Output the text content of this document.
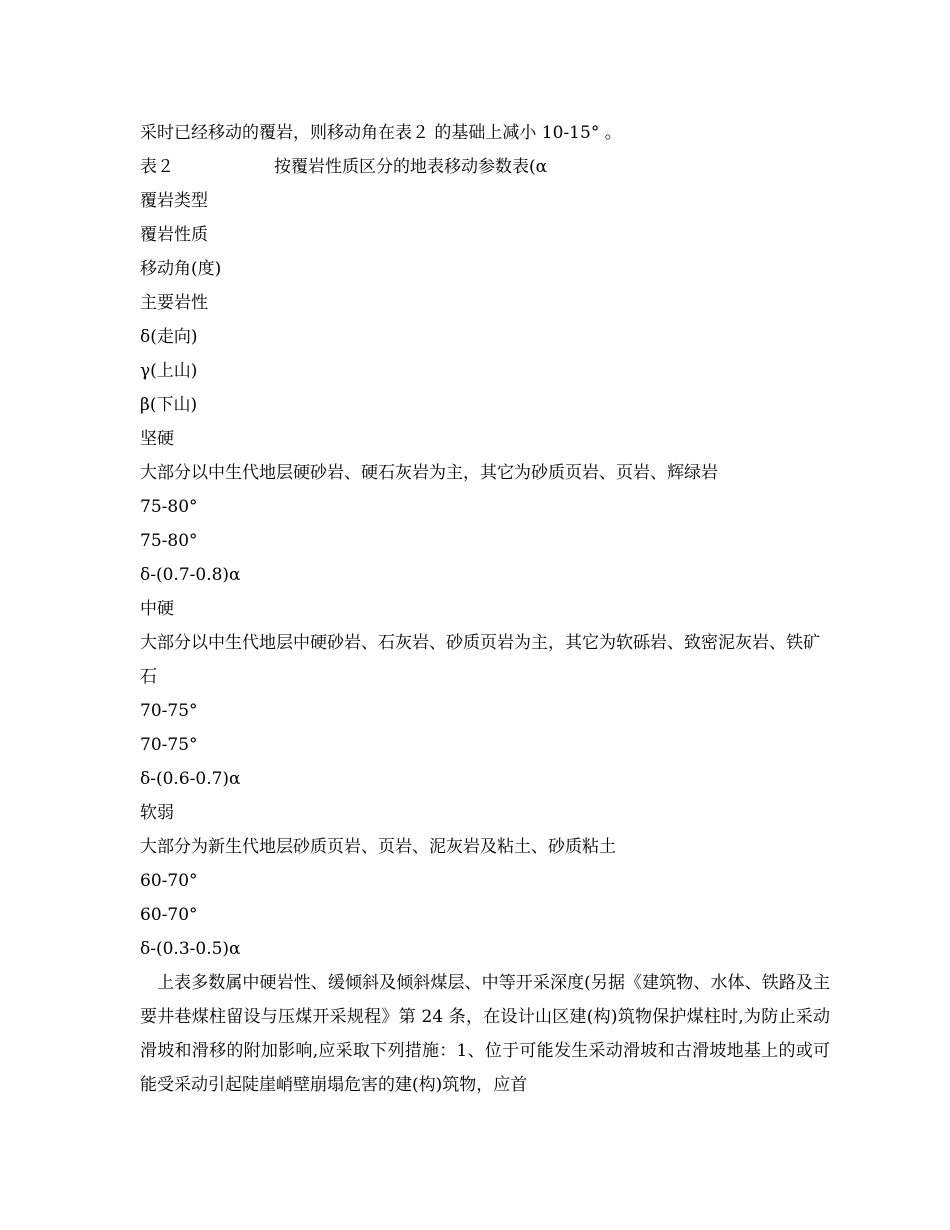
采时已经移动的覆岩，则移动角在表２ 的基础上减小 10-15° 。
表２	按覆岩性质区分的地表移动参数表(α
覆岩类型
覆岩性质
移动角(度)
主要岩性
δ(走向)
γ(上山)
β(下山)
坚硬
大部分以中生代地层硬砂岩、硬石灰岩为主，其它为砂质页岩、页岩、辉绿岩
75-80°
75-80°
δ-(0.7-0.8)α
中硬
大部分以中生代地层中硬砂岩、石灰岩、砂质页岩为主，其它为软砾岩、致密泥灰岩、铁矿石
70-75°
70-75°
δ-(0.6-0.7)α
软弱
大部分为新生代地层砂质页岩、页岩、泥灰岩及粘土、砂质粘土
60-70°
60-70°
δ-(0.3-0.5)α
上表多数属中硬岩性、缓倾斜及倾斜煤层、中等开采深度(另据《建筑物、水体、铁路及主要井巷煤柱留设与压煤开采规程》第 24 条，在设计山区建(构)筑物保护煤柱时,为防止采动滑坡和滑移的附加影响,应采取下列措施：1、位于可能发生采动滑坡和古滑坡地基上的或可能受采动引起陡崖峭壁崩塌危害的建(构)筑物，应首
